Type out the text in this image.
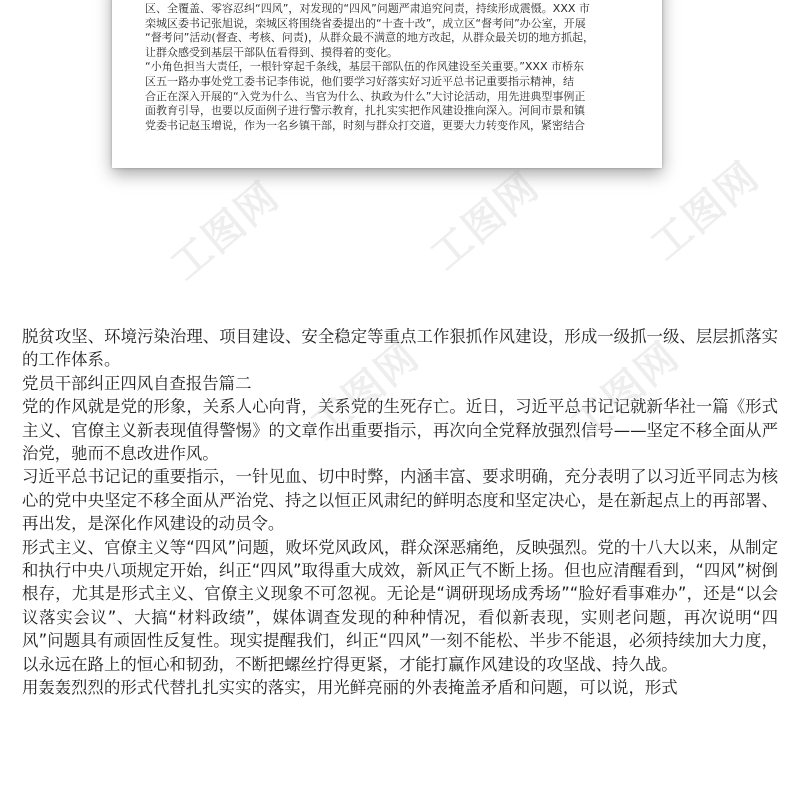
区、全覆盖、零容忍纠“四风”，对发现的“四风”问题严肃追究问责，持续形成震慑。XXX 市

栾城区委书记张旭说，栾城区将围绕省委提出的“十查十改”，成立区“督考问”办公室，开展

“督考问”活动(督查、考核、问责)，从群众最不满意的地方改起，从群众最关切的地方抓起，

让群众感受到基层干部队伍看得到、摸得着的变化。

“小角色担当大责任，一根针穿起千条线，基层干部队伍的作风建设至关重要。”XXX 市桥东

区五一路办事处党工委书记李伟说，他们要学习好落实好习近平总书记重要指示精神，结

合正在深入开展的“入党为什么、当官为什么、执政为什么”大讨论活动，用先进典型事例正

面教育引导，也要以反面例子进行警示教育，扎扎实实把作风建设推向深入。河间市景和镇

党委书记赵玉增说，作为一名乡镇干部，时刻与群众打交道，更要大力转变作风，紧密结合

脱贫攻坚、环境污染治理、项目建设、安全稳定等重点工作狠抓作风建设，形成一级抓一级、层层抓落实的工作体系。

党员干部纠正四风自查报告篇二

党的作风就是党的形象，关系人心向背，关系党的生死存亡。近日，习近平总书记记就新华社一篇《形式主义、官僚主义新表现值得警惕》的文章作出重要指示，再次向全党释放强烈信号——坚定不移全面从严治党，驰而不息改进作风。

习近平总书记记的重要指示，一针见血、切中时弊，内涵丰富、要求明确，充分表明了以习近平同志为核心的党中央坚定不移全面从严治党、持之以恒正风肃纪的鲜明态度和坚定决心，是在新起点上的再部署、再出发，是深化作风建设的动员令。

形式主义、官僚主义等“四风”问题，败坏党风政风，群众深恶痛绝，反映强烈。党的十八大以来，从制定和执行中央八项规定开始，纠正“四风”取得重大成效，新风正气不断上扬。但也应清醒看到，“四风”树倒根存，尤其是形式主义、官僚主义现象不可忽视。无论是“调研现场成秀场”“脸好看事难办”，还是“以会议落实会议”、大搞“材料政绩”，媒体调查发现的种种情况，看似新表现，实则老问题，再次说明“四风”问题具有顽固性反复性。现实提醒我们，纠正“四风”一刻不能松、半步不能退，必须持续加大力度，以永远在路上的恒心和韧劲，不断把螺丝拧得更紧，才能打赢作风建设的攻坚战、持久战。

用轰轰烈烈的形式代替扎扎实实的落实，用光鲜亮丽的外表掩盖矛盾和问题，可以说，形式

工图网	工图网 工图网
工图网	工图网
